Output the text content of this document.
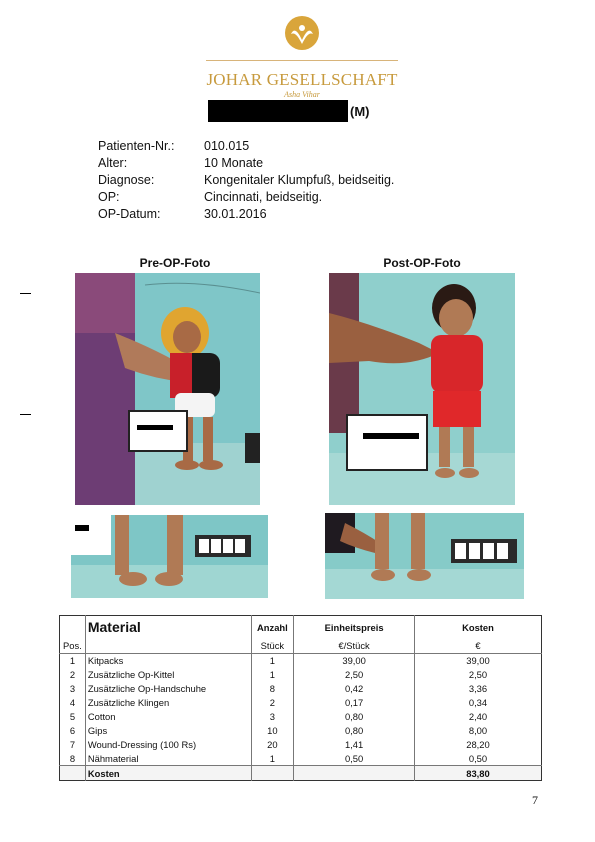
JOHAR GESELLSCHAFT
Asha Vihar
(M)
Patienten-Nr.: 010.015
Alter:	10 Monate
Diagnose:	Kongenitaler Klumpfuß, beidseitig.
OP:	Cincinnati, beidseitig.
OP-Datum:	30.01.2016
Pre-OP-Foto	Post-OP-Foto
	Material	Anzahl	Einheitspreis	Kosten
Pos.		Stück	€/Stück	€
1	Kitpacks	1	39,00	39,00
2	Zusätzliche Op-Kittel	1	2,50	2,50
3	Zusätzliche Op-Handschuhe	8	0,42	3,36
4	Zusätzliche Klingen	2	0,17	0,34
5	Cotton	3	0,80	2,40
6	Gips	10	0,80	8,00
7	Wound-Dressing (100 Rs)	20	1,41	28,20
8	Nähmaterial	1	0,50	0,50
	Kosten			83,80
7
